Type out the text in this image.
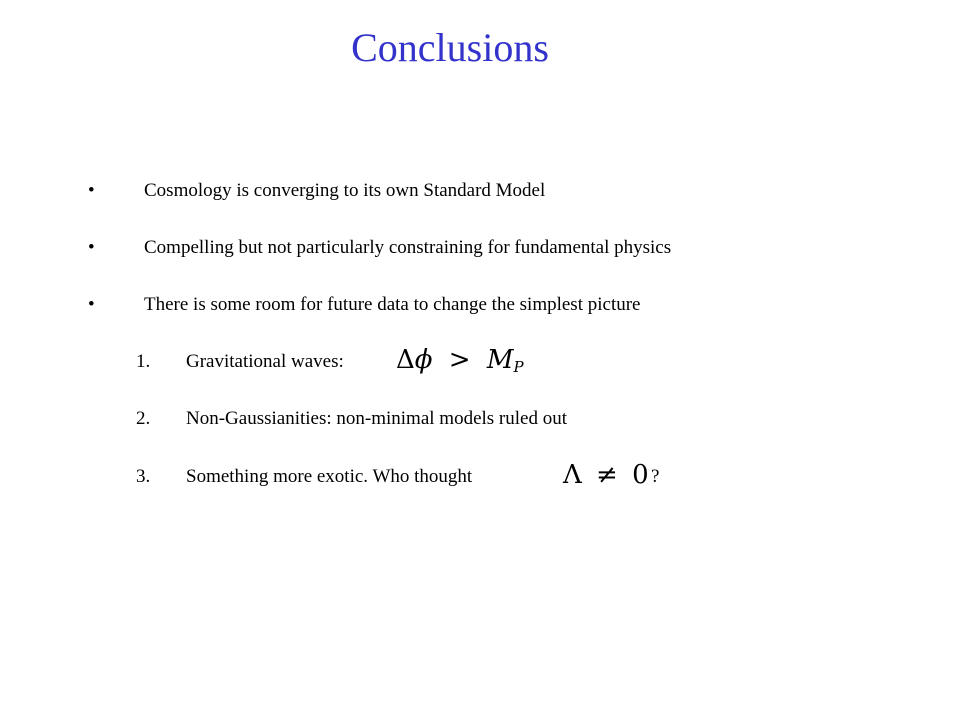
Conclusions
•	Cosmology is converging to its own Standard Model
•	Compelling but not particularly constraining for fundamental physics
•	There is some room for future data to change the simplest picture
1. Gravitational waves: $\Delta\phi > M_P$
2. Non-Gaussianities: non-minimal models ruled out
3. Something more exotic. Who thought	Λ ≠ 0 ?
